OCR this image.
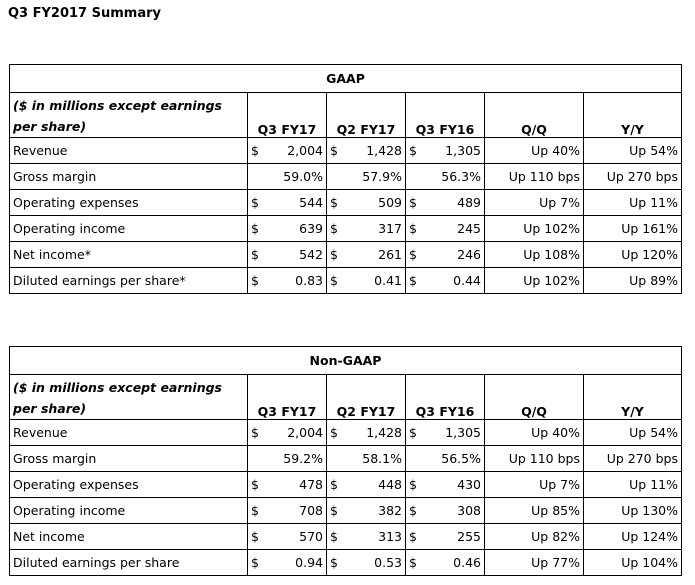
Q3 FY2017 Summary
GAAP								
($ in millions except earnings per share)	Q3 FY17		Q2 FY17		Q3 FY16		Q/Q	Y/Y
Revenue	$	2,004	$	1,428	$	1,305	Up 40%	Up 54%
Gross margin		59.0%		57.9%		56.3%	Up 110 bps	Up 270 bps
Operating expenses	$	544	$	509	$	489	Up 7%	Up 11%
Operating income	$	639	$	317	$	245	Up 102%	Up 161%
Net income*	$	542	$	261	$	246	Up 108%	Up 120%
Diluted earnings per share*	$	0.83	$	0.41	$	0.44	Up 102%	Up 89%
Non-GAAP								
($ in millions except earnings per share)	Q3 FY17		Q2 FY17		Q3 FY16		Q/Q	Y/Y
Revenue	$	2,004	$	1,428	$	1,305	Up 40%	Up 54%
Gross margin		59.2%		58.1%		56.5%	Up 110 bps	Up 270 bps
Operating expenses	$	478	$	448	$	430	Up 7%	Up 11%
Operating income	$	708	$	382	$	308	Up 85%	Up 130%
Net income	$	570	$	313	$	255	Up 82%	Up 124%
Diluted earnings per share	$	0.94	$	0.53	$	0.46	Up 77%	Up 104%
